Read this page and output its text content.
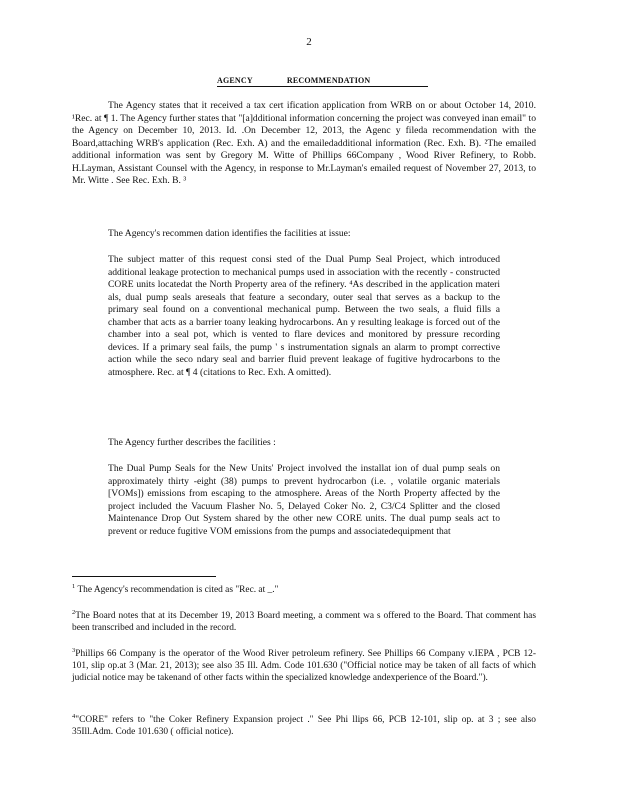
2
AGENCY	RECOMMENDATION

The Agency states that it received a tax cert ification application from WRB on or about October 14, 2010. ¹Rec. at ¶ 1. The Agency further states that "[a]dditional information concerning the project was conveyed inan email" to the Agency on December 10, 2013. Id. .On December 12, 2013, the Agenc y fileda recommendation with the Board,attaching WRB's application (Rec. Exh. A) and the emailedadditional information (Rec. Exh. B). ²The emailed additional information was sent by Gregory M. Witte of Phillips 66Company , Wood River Refinery, to Robb. H.Layman, Assistant Counsel with the Agency, in response to Mr.Layman's emailed request of November 27, 2013, to Mr. Witte . See Rec. Exh. B. ³

The Agency's recommen dation identifies the facilities at issue:

The subject matter of this request consi sted of the Dual Pump Seal Project, which introduced additional leakage protection to mechanical pumps used in association with the recently - constructed CORE units locatedat the North Property area of the refinery. ⁴As described in the application materi als, dual pump seals areseals that feature a secondary, outer seal that serves as a backup to the primary seal found on a conventional mechanical pump. Between the two seals, a fluid fills a chamber that acts as a barrier toany leaking hydrocarbons. An y resulting leakage is forced out of the chamber into a seal pot, which is vented to flare devices and monitored by pressure recording devices. If a primary seal fails, the pump ' s instrumentation signals an alarm to prompt corrective action while the seco ndary seal and barrier fluid prevent leakage of fugitive hydrocarbons to the atmosphere. Rec. at ¶ 4 (citations to Rec. Exh. A omitted).

The Agency further describes the facilities :

The Dual Pump Seals for the New Units' Project involved the installat ion of dual pump seals on approximately thirty -eight (38) pumps to prevent hydrocarbon (i.e. , volatile organic materials [VOMs]) emissions from escaping to the atmosphere. Areas of the North Property affected by the project included the Vacuum Flasher No. 5, Delayed Coker No. 2, C3/C4 Splitter and the closed Maintenance Drop Out System shared by the other new CORE units. The dual pump seals act to prevent or reduce fugitive VOM emissions from the pumps and associatedequipment that

$^1$ The Agency's recommendation is cited as "Rec. at _."

$^2$The Board notes that at its December 19, 2013 Board meeting, a comment wa s offered to the Board. That comment has been transcribed and included in the record.

$^3$Phillips 66 Company is the operator of the Wood River petroleum refinery. See Phillips 66 Company v.IEPA , PCB 12-101, slip op.at 3 (Mar. 21, 2013); see also 35 Ill. Adm. Code 101.630 ("Official notice may be taken of all facts of which judicial notice may be takenand of other facts within the specialized knowledge andexperience of the Board.").

$^4$"CORE" refers to "the Coker Refinery Expansion project ." See Phi llips 66, PCB 12-101, slip op. at 3 ; see also 35Ill.Adm. Code 101.630 ( official notice).
